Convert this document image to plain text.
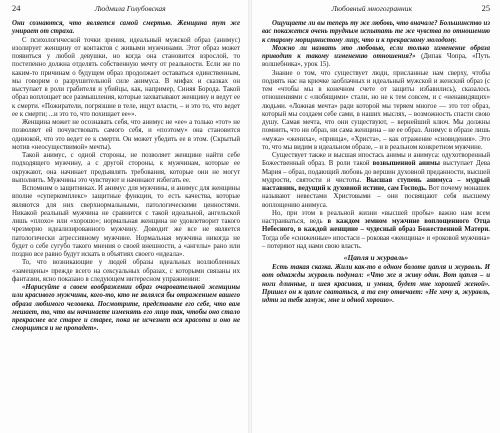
24	Людмила Голубовская

Они сознаются, что является самой смертью. Женщина тут же умирает от страха.

С психологической точки зрения, идеальный мужской образ (анимус) изолирует женщину от контактов с живыми мужчинами. Этот образ может появиться у любой девушки, но когда она становится взрослой, то постепенно должна отделять собственную мечту от реальности. Если же по каким-то причинам о будущем образ продолжает оставаться единственным, мы говорим о разрушительной силе анимуса. В мифах и сказках он выступает в роли грабителя и убийцы, как, например, Синяя Борода. Такой образ воплощает все размышления, которые захватывают женщину и ведут ее к смерти. «Пожиратели, погрязшие в теле, ищут власти, – и это то, что ведет ее к смерти; ...и это то, что похищает ее»».

Женщина может не осознавать себя, что анимус не «ее» а только «тот» не позволяет ей почувствовать самого себя, и «поэтому» она становится одинокой, что это ведет ее к смерти. Он может убедить ее в этом. (Скрытый мотив «неосуществимой» мечты).

Такой анимус, с одной стороны, не позволяет женщине найти себе подходящего мужчину, а с другой стороны, к мужчинам, которые ее окружают, она начинает предъявлять требования, которые они не могут выполнить. Мужчины это чувствуют и начинают избегать ее.

Вспомним о защитниках. И анимус для мужчины, и анимус для женщины вполне «суперкомплекс» защитные функции, то есть качества, которые являются для них сверхнормальными, патологическими ценностями. Никакой реальный мужчина не сравнится с такой идеальной, ангельской лишь «плохо» или «хорошо»; нормальная женщина не удовлетворит такого чрезмерно идеализированного мужчину. Доводит же все не является патологически агрессивному мужчине. Нормальная мужчина никогда не будет о себе сугубо такого мнения о своей внешности, а «ангелы» рано или поздно все равно будут искать в объятиях своего «идеала».

То, что возникающие у людей образы идеальных возлюбленных «замещены» прежде всего на сексуальных образах, с которыми связаны их фантазии, ясно показано в следующем интересном упражнении:

«Нарисуйте в своем воображении образ очаровательной женщины или красивого мужчины, кого-то, кто не являлся бы отражением вашего образа любимого человека. Посмотрите, представьте его себе, что вам мешает, то, что вы начинаете изменять его лицо так, чтобы оно стало прекраснее все старее и старее, пока не исчезнет вся красота и оно не сморщится и не пропадет».

Любовный многогранник	25

Ощущаете ли вы теперь ту же любовь, что вначале? Большинство из вас покажется очень трудным испытать те же чувства по отношению к старому морщинистому лицу, что и к прекрасному молодому.

Можно ли назвать это любовью, если только изменение образа приводит к такому изменению отношения?» (Дипак Чопра, «Путь волшебника», урок 15).

Знание о том, что существует люди, присланные нам сверху, чтобы поднять нас на крючке заоблачных и идеальный мужской и женский образ (с тем «чтобы мы в конечном счете от защиты избавились), сказалось отношениями с «любящими» стали, но не к тем совсем, и с «ненавидящих» людьми. «Ложная мечта» ради которой мы теряем многое — это тот образ, который мы создаем себе сами, в наших мыслях, – возможность спасти свою душу. Самая мечта, что они существуют, – вернейший ключ. Мы должны помнить, что ни образ, ни сама женщина – не ее образ. Анимус в образе лишь «мужа» «жениха», «принца», «Христа», – как отражение «сновидения». Это то, что мы видим в идеальном образе, – и в реальном конкретном мужчине.

Существует также и высшая ипостась анимы и анимуса: одухотворенный Божественный образ. В роли такой возвышенной анимы выступает Дева Мария – образ, подающий любовь до вершин духовной преданности, высшей мудрости, святости и чистоты. Высшая ступень анимуса – мудрый наставник, ведущий к духовной истине, сам Господь. Вот почему монашек называют невестами Христовыми – они посвящают себя высшему воплощению анимуса.

Но, при этом в реальной жизни «высшей пробы» важно нам всем настраиваться, ведь в каждом земном мужчине воплощенного Отца Небесного, в каждой женщине – чудесный образ Божественной Матери. Тогда обе «сниженные» ипостаси – роковая «женщина» и «роковой мужчина» – потеряют над нами свою власть.

«Цапля и журавль»

Есть такая сказка. Жили как-то в одном болоте цапля и журавль. И вот однажды журавль подумал: «Что же я живу один. Вот цапля – и ноги длинные, и шея красивая, и умная, будет мне хорошей женой». Пришел он к цапле свататься, а та ему отвечает: «Не хочу я, журавль, идти за тебя замуж, мне и одной хорошо».
